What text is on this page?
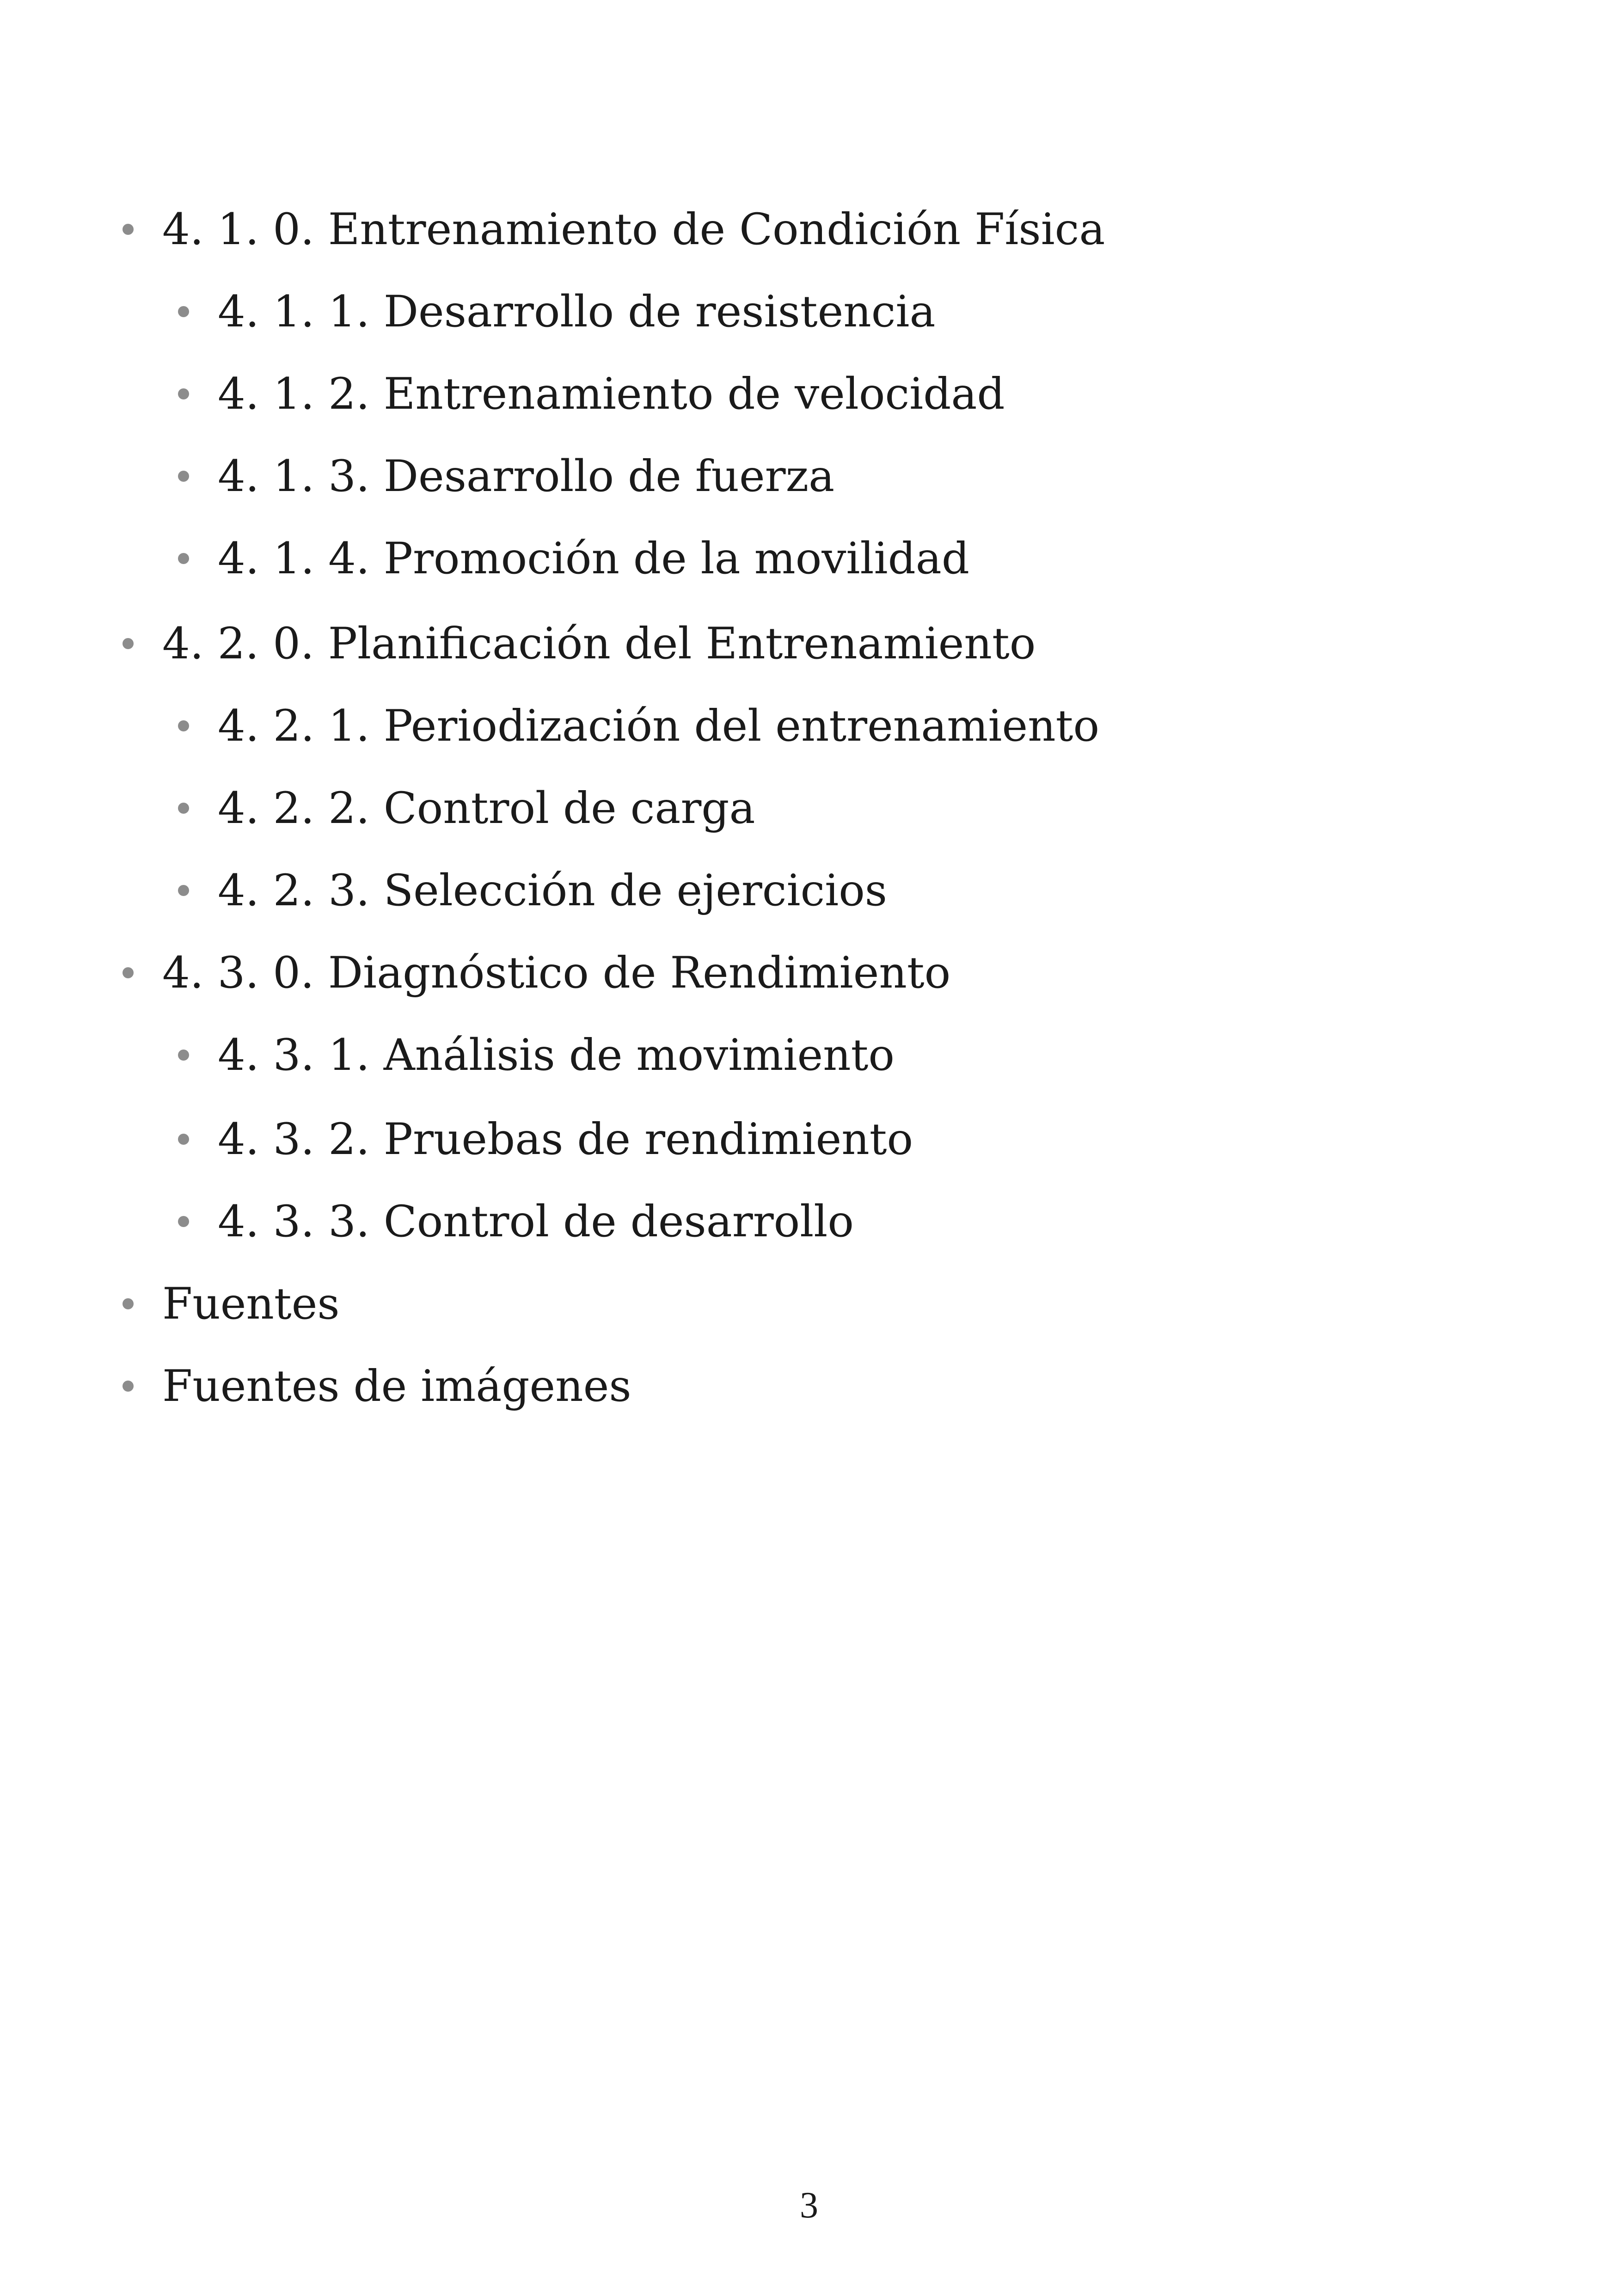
4. 1. 0. Entrenamiento de Condición Física
4. 1. 1. Desarrollo de resistencia
4. 1. 2. Entrenamiento de velocidad
4. 1. 3. Desarrollo de fuerza
4. 1. 4. Promoción de la movilidad
4. 2. 0. Planificación del Entrenamiento
4. 2. 1. Periodización del entrenamiento
4. 2. 2. Control de carga
4. 2. 3. Selección de ejercicios
4. 3. 0. Diagnóstico de Rendimiento
4. 3. 1. Análisis de movimiento
4. 3. 2. Pruebas de rendimiento
4. 3. 3. Control de desarrollo
Fuentes
Fuentes de imágenes
3
